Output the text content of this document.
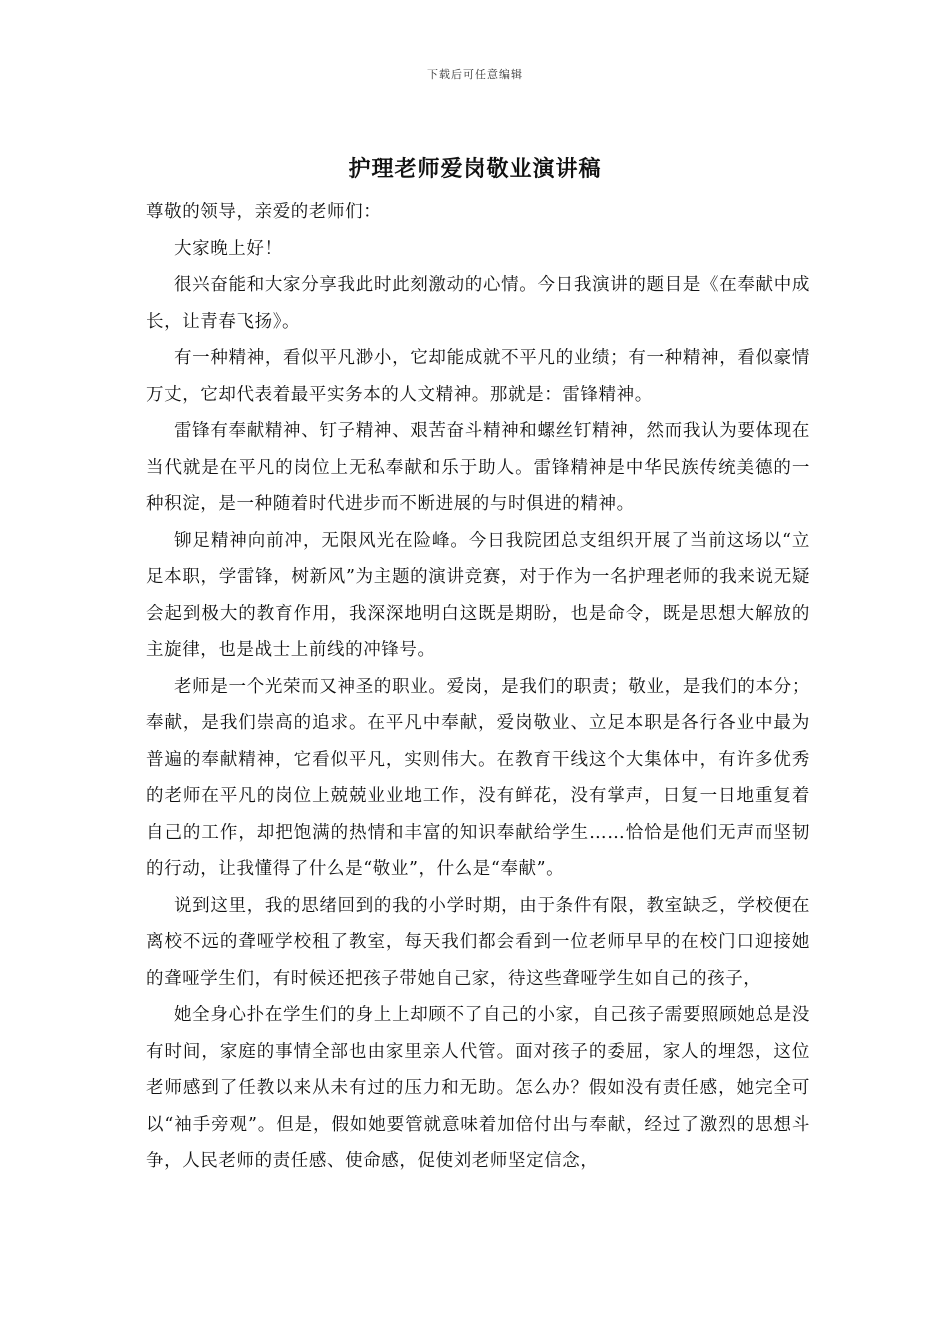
下载后可任意编辑
护理老师爱岗敬业演讲稿

尊敬的领导，亲爱的老师们：

大家晚上好！

很兴奋能和大家分享我此时此刻激动的心情。今日我演讲的题目是《在奉献中成长，让青春飞扬》。

有一种精神，看似平凡渺小，它却能成就不平凡的业绩；有一种精神，看似豪情万丈，它却代表着最平实务本的人文精神。那就是：雷锋精神。

雷锋有奉献精神、钉子精神、艰苦奋斗精神和螺丝钉精神，然而我认为要体现在当代就是在平凡的岗位上无私奉献和乐于助人。雷锋精神是中华民族传统美德的一种积淀，是一种随着时代进步而不断进展的与时俱进的精神。

铆足精神向前冲，无限风光在险峰。今日我院团总支组织开展了当前这场以“立足本职，学雷锋，树新风”为主题的演讲竞赛，对于作为一名护理老师的我来说无疑会起到极大的教育作用，我深深地明白这既是期盼，也是命令，既是思想大解放的主旋律，也是战士上前线的冲锋号。

老师是一个光荣而又神圣的职业。爱岗，是我们的职责；敬业，是我们的本分；奉献，是我们崇高的追求。在平凡中奉献，爱岗敬业、立足本职是各行各业中最为普遍的奉献精神，它看似平凡，实则伟大。在教育干线这个大集体中，有许多优秀的老师在平凡的岗位上兢兢业业地工作，没有鲜花，没有掌声，日复一日地重复着自己的工作，却把饱满的热情和丰富的知识奉献给学生……恰恰是他们无声而坚韧的行动，让我懂得了什么是“敬业”，什么是“奉献”。

说到这里，我的思绪回到的我的小学时期，由于条件有限，教室缺乏，学校便在离校不远的聋哑学校租了教室，每天我们都会看到一位老师早早的在校门口迎接她的聋哑学生们，有时候还把孩子带她自己家，待这些聋哑学生如自己的孩子，

她全身心扑在学生们的身上上却顾不了自己的小家，自己孩子需要照顾她总是没有时间，家庭的事情全部也由家里亲人代管。面对孩子的委屈，家人的埋怨，这位老师感到了任教以来从未有过的压力和无助。怎么办？假如没有责任感，她完全可以“袖手旁观”。但是，假如她要管就意味着加倍付出与奉献，经过了激烈的思想斗争，人民老师的责任感、使命感，促使刘老师坚定信念，
